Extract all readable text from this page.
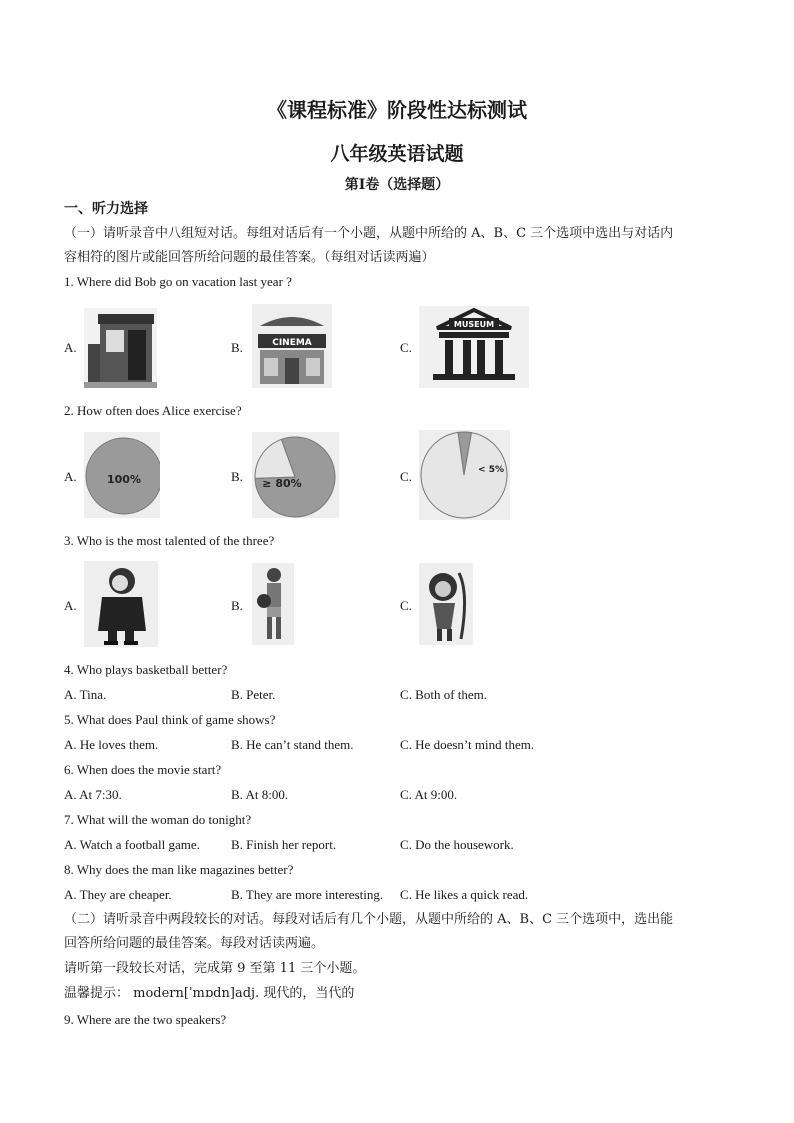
《课程标准》阶段性达标测试
八年级英语试题
第Ⅰ卷（选择题）
一、听力选择
（一）请听录音中八组短对话。每组对话后有一个小题，从题中所给的 A、B、C 三个选项中选出与对话内
容相符的图片或能回答所给问题的最佳答案。（每组对话读两遍）
1. Where did Bob go on vacation last year ?
A.	B.	C.
CINEMA
MUSEUM
2. How often does Alice exercise?
A.	B.	C.
100%	≥ 80%
< 5%
3. Who is the most talented of the three?
A.	B.	C.
4. Who plays basketball better?
A. Tina.	B. Peter.	C. Both of them.
5. What does Paul think of game shows?
A. He loves them.	B. He can’t stand them.	C. He doesn’t mind them.
6. When does the movie start?
A. At 7:30.	B. At 8:00.	C. At 9:00.
7. What will the woman do tonight?
A. Watch a football game. B. Finish her report.	C. Do the housework.
8. Why does the man like magazines better?
A. They are cheaper.	B. They are more interesting. C. He likes a quick read.
（二）请听录音中两段较长的对话。每段对话后有几个小题，从题中所给的 A、B、C 三个选项中，选出能
回答所给问题的最佳答案。每段对话读两遍。
请听第一段较长对话，完成第 9 至第 11 三个小题。
温馨提示： modern[ˈmɒdn]adj. 现代的，当代的
9. Where are the two speakers?
